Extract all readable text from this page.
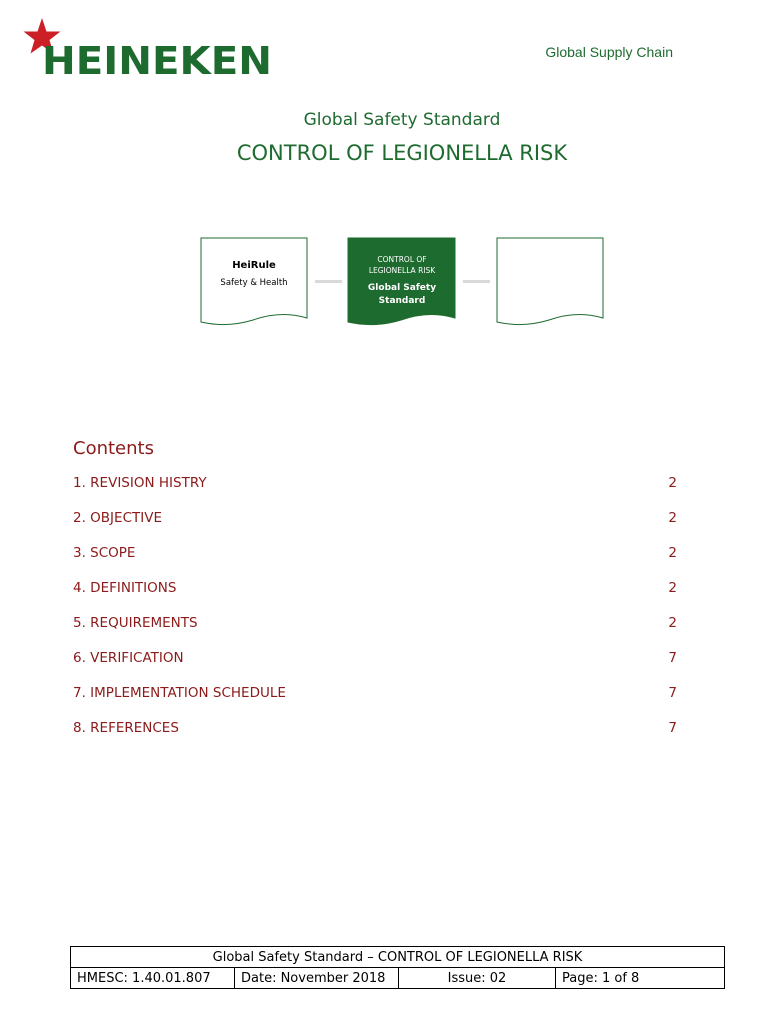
HEINEKEN	Global Supply Chain
Global Safety Standard
CONTROL OF LEGIONELLA RISK
HeiRule
Safety & Health
CONTROL OF
LEGIONELLA RISK
Global Safety
Standard
Contents
1. REVISION HISTRY	2
2. OBJECTIVE	2
3. SCOPE	2
4. DEFINITIONS	2
5. REQUIREMENTS	2
6. VERIFICATION	7
7. IMPLEMENTATION SCHEDULE	7
8. REFERENCES	7
Global Safety Standard – CONTROL OF LEGIONELLA RISK
HMESC: 1.40.01.807	Date: November 2018	Issue: 02	Page: 1 of 8
